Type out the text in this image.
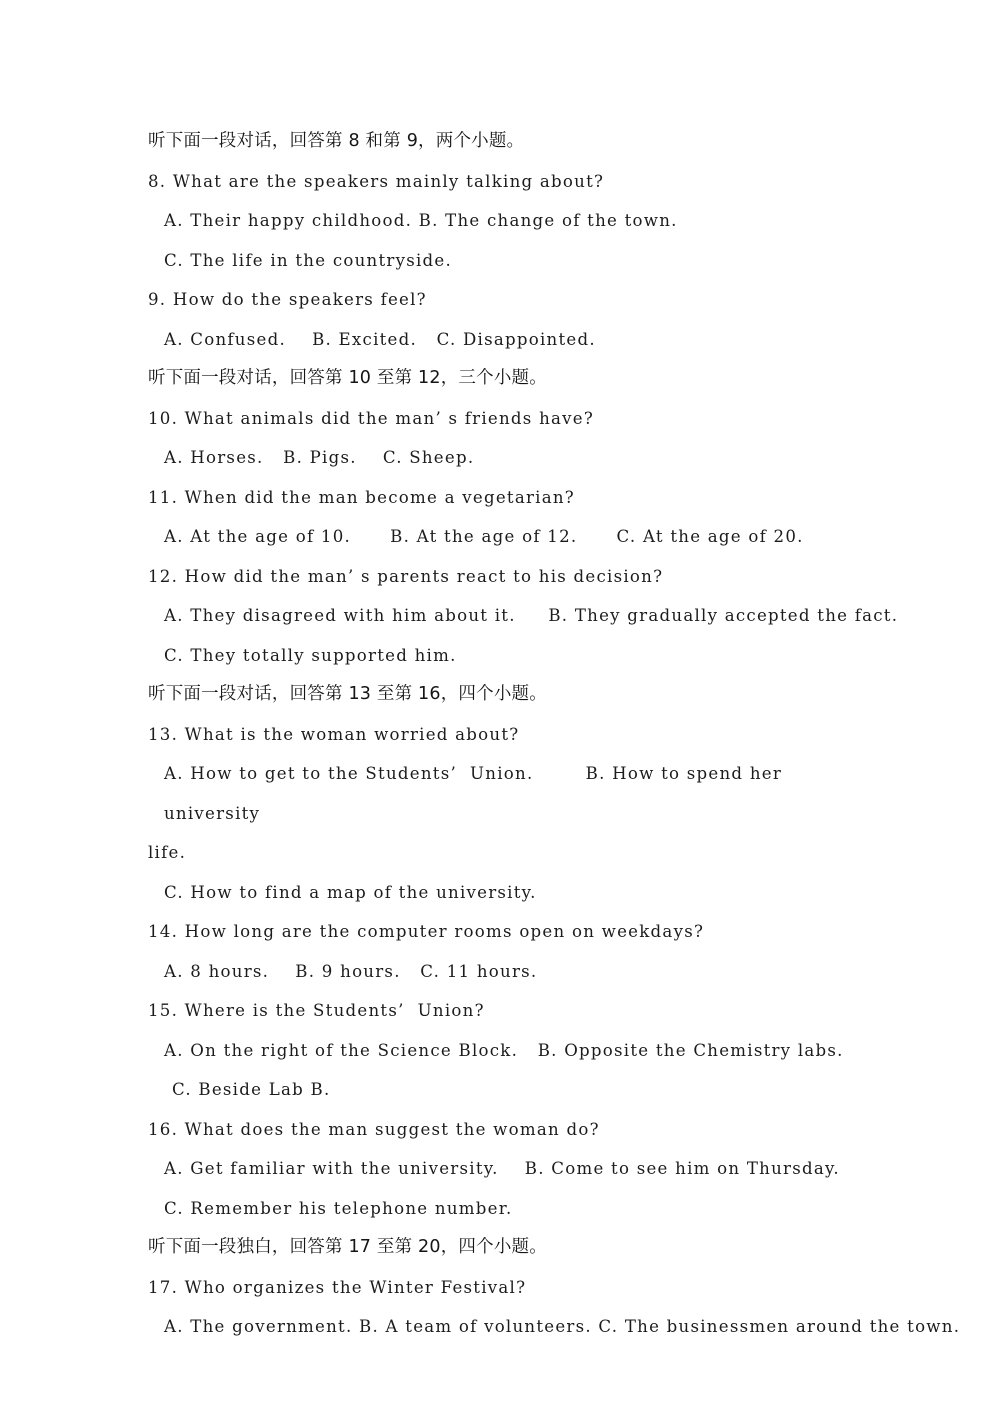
听下面一段对话，回答第 8 和第 9，两个小题。

8. What are the speakers mainly talking about?

A. Their happy childhood. B. The change of the town.

C. The life in the countryside.

9. How do the speakers feel?

A. Confused.    B. Excited.   C. Disappointed.

听下面一段对话，回答第 10 至第 12，三个小题。

10. What animals did the man’ s friends have?

A. Horses.   B. Pigs.    C. Sheep.

11. When did the man become a vegetarian?

A. At the age of 10.      B. At the age of 12.      C. At the age of 20.

12. How did the man’ s parents react to his decision?

A. They disagreed with him about it.     B. They gradually accepted the fact.

C. They totally supported him.

听下面一段对话，回答第 13 至第 16，四个小题。

13. What is the woman worried about?

A. How to get to the Students’  Union.        B. How to spend her university
life.

C. How to find a map of the university.

14. How long are the computer rooms open on weekdays?

A. 8 hours.    B. 9 hours.   C. 11 hours.

15. Where is the Students’  Union?

A. On the right of the Science Block.   B. Opposite the Chemistry labs.

C. Beside Lab B.

16. What does the man suggest the woman do?

A. Get familiar with the university.    B. Come to see him on Thursday.

C. Remember his telephone number.

听下面一段独白，回答第 17 至第 20，四个小题。

17. Who organizes the Winter Festival?

A. The government. B. A team of volunteers. C. The businessmen around the town.
